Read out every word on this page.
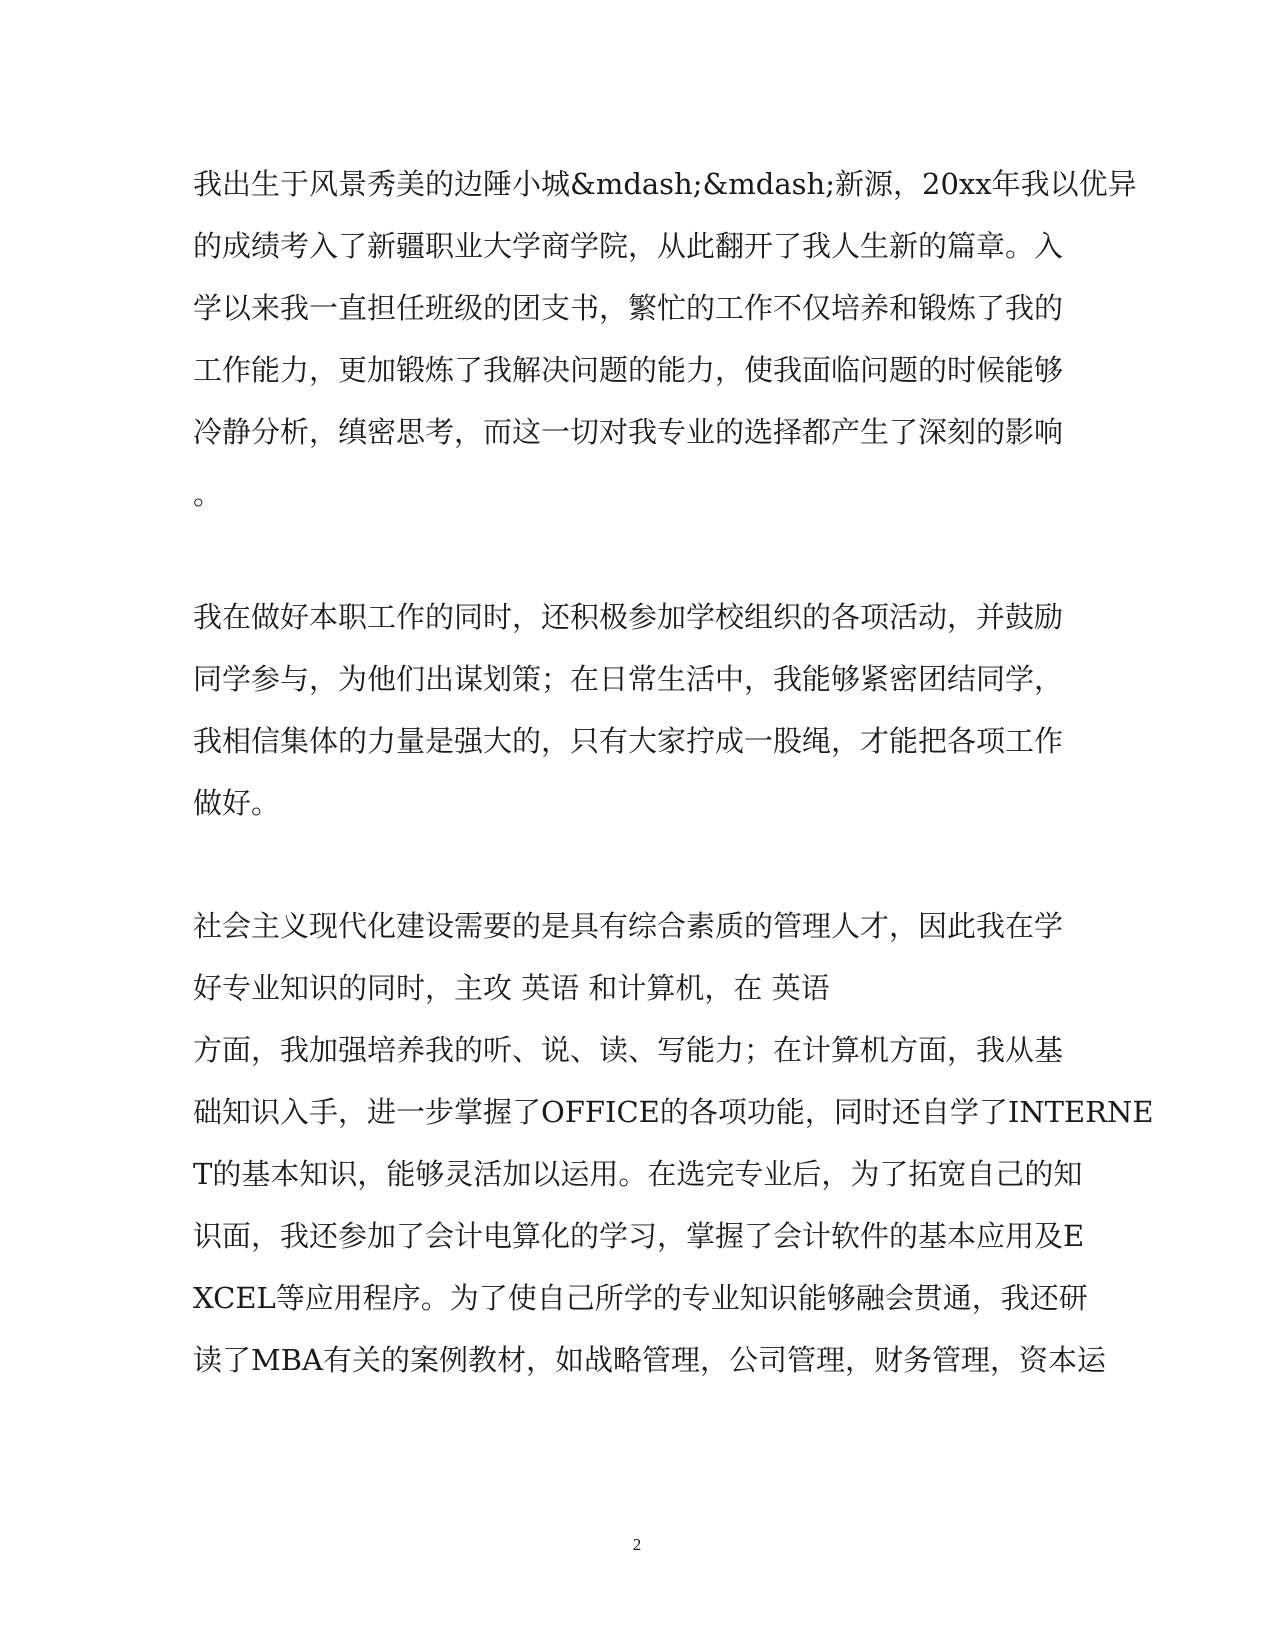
我出生于风景秀美的边陲小城&mdash;&mdash;新源，20xx年我以优异
的成绩考入了新疆职业大学商学院，从此翻开了我人生新的篇章。入
学以来我一直担任班级的团支书，繁忙的工作不仅培养和锻炼了我的
工作能力，更加锻炼了我解决问题的能力，使我面临问题的时候能够
冷静分析，缜密思考，而这一切对我专业的选择都产生了深刻的影响
。
我在做好本职工作的同时，还积极参加学校组织的各项活动，并鼓励
同学参与，为他们出谋划策；在日常生活中，我能够紧密团结同学，
我相信集体的力量是强大的，只有大家拧成一股绳，才能把各项工作
做好。
社会主义现代化建设需要的是具有综合素质的管理人才，因此我在学
好专业知识的同时，主攻 英语 和计算机，在 英语
方面，我加强培养我的听、说、读、写能力；在计算机方面，我从基
础知识入手，进一步掌握了OFFICE的各项功能，同时还自学了INTERNE
T的基本知识，能够灵活加以运用。在选完专业后，为了拓宽自己的知
识面，我还参加了会计电算化的学习，掌握了会计软件的基本应用及E
XCEL等应用程序。为了使自己所学的专业知识能够融会贯通，我还研
读了MBA有关的案例教材，如战略管理，公司管理，财务管理，资本运
2
